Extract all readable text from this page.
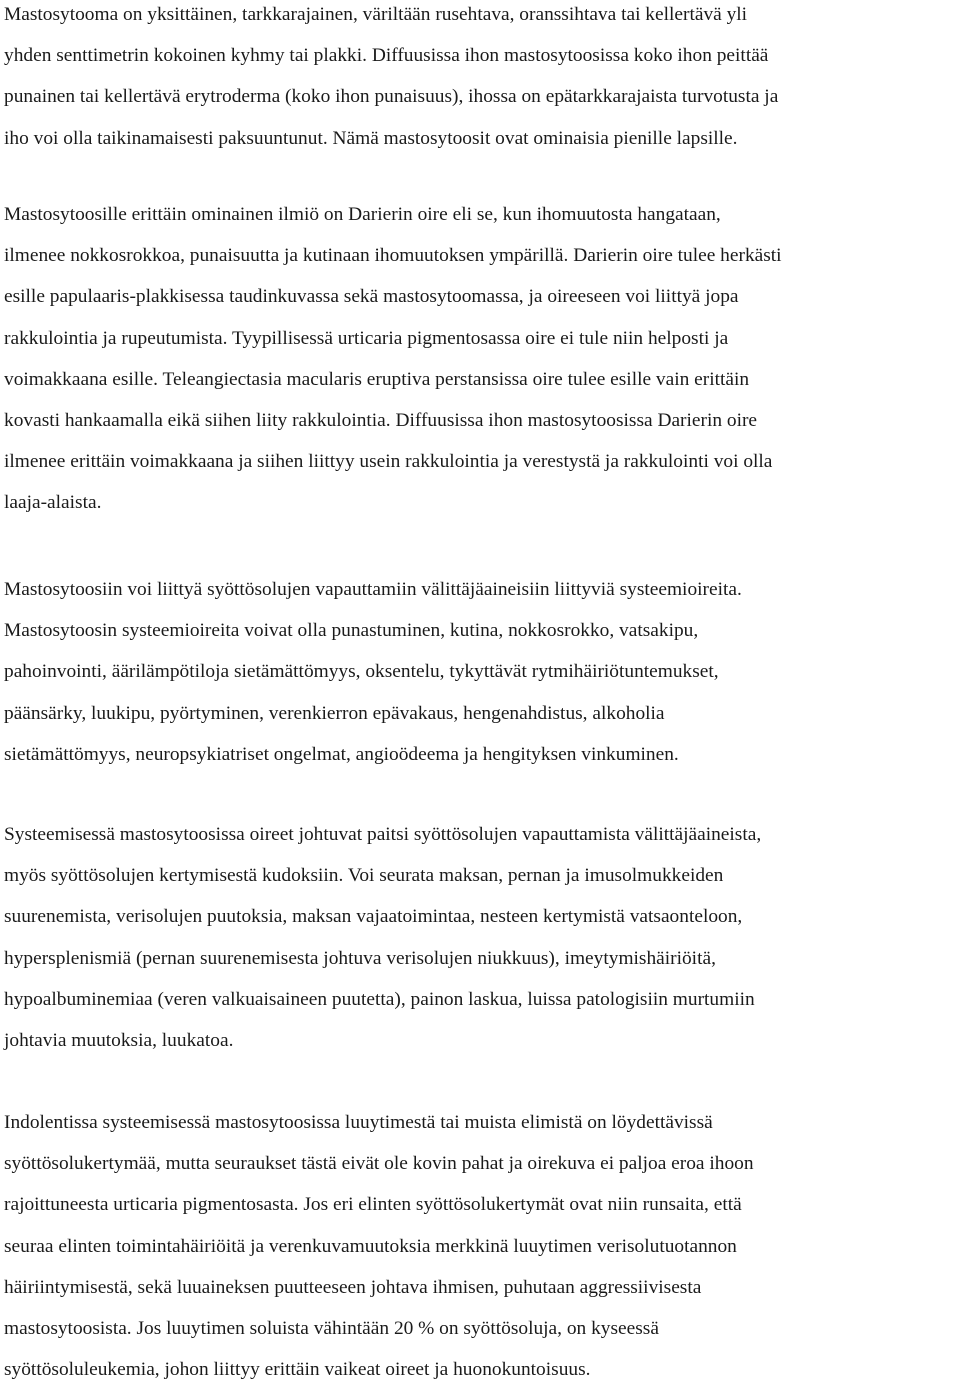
Mastosytooma on yksittäinen, tarkkarajainen, väriltään rusehtava, oranssihtava tai kellertävä yli
yhden senttimetrin kokoinen kyhmy tai plakki. Diffuusissa ihon mastosytoosissa koko ihon peittää
punainen tai kellertävä erytroderma (koko ihon punaisuus), ihossa on epätarkkarajaista turvotusta ja
iho voi olla taikinamaisesti paksuuntunut. Nämä mastosytoosit ovat ominaisia pienille lapsille.
Mastosytoosille erittäin ominainen ilmiö on Darierin oire eli se, kun ihomuutosta hangataan,
ilmenee nokkosrokkoa, punaisuutta ja kutinaan ihomuutoksen ympärillä. Darierin oire tulee herkästi
esille papulaaris-plakkisessa taudinkuvassa sekä mastosytoomassa, ja oireeseen voi liittyä jopa
rakkulointia ja rupeutumista. Tyypillisessä urticaria pigmentosassa oire ei tule niin helposti ja
voimakkaana esille. Teleangiectasia macularis eruptiva perstansissa oire tulee esille vain erittäin
kovasti hankaamalla eikä siihen liity rakkulointia. Diffuusissa ihon mastosytoosissa Darierin oire
ilmenee erittäin voimakkaana ja siihen liittyy usein rakkulointia ja verestystä ja rakkulointi voi olla
laaja-alaista.
Mastosytoosiin voi liittyä syöttösolujen vapauttamiin välittäjäaineisiin liittyviä systeemioireita.
Mastosytoosin systeemioireita voivat olla punastuminen, kutina, nokkosrokko, vatsakipu,
pahoinvointi, äärilämpötiloja sietämättömyys, oksentelu, tykyttävät rytmihäiriötuntemukset,
päänsärky, luukipu, pyörtyminen, verenkierron epävakaus, hengenahdistus, alkoholia
sietämättömyys, neuropsykiatriset ongelmat, angioödeema ja hengityksen vinkuminen.
Systeemisessä mastosytoosissa oireet johtuvat paitsi syöttösolujen vapauttamista välittäjäaineista,
myös syöttösolujen kertymisestä kudoksiin. Voi seurata maksan, pernan ja imusolmukkeiden
suurenemista, verisolujen puutoksia, maksan vajaatoimintaa, nesteen kertymistä vatsaonteloon,
hypersplenismiä (pernan suurenemisesta johtuva verisolujen niukkuus), imeytymishäiriöitä,
hypoalbuminemiaa (veren valkuaisaineen puutetta), painon laskua, luissa patologisiin murtumiin
johtavia muutoksia, luukatoa.
Indolentissa systeemisessä mastosytoosissa luuytimestä tai muista elimistä on löydettävissä
syöttösolukertymää, mutta seuraukset tästä eivät ole kovin pahat ja oirekuva ei paljoa eroa ihoon
rajoittuneesta urticaria pigmentosasta. Jos eri elinten syöttösolukertymät ovat niin runsaita, että
seuraa elinten toimintahäiriöitä ja verenkuvamuutoksia merkkinä luuytimen verisolutuotannon
häiriintymisestä, sekä luuaineksen puutteeseen johtava ihmisen, puhutaan aggressiivisesta
mastosytoosista. Jos luuytimen soluista vähintään 20 % on syöttösoluja, on kyseessä
syöttösoluleukemia, johon liittyy erittäin vaikeat oireet ja huonokuntoisuus.
